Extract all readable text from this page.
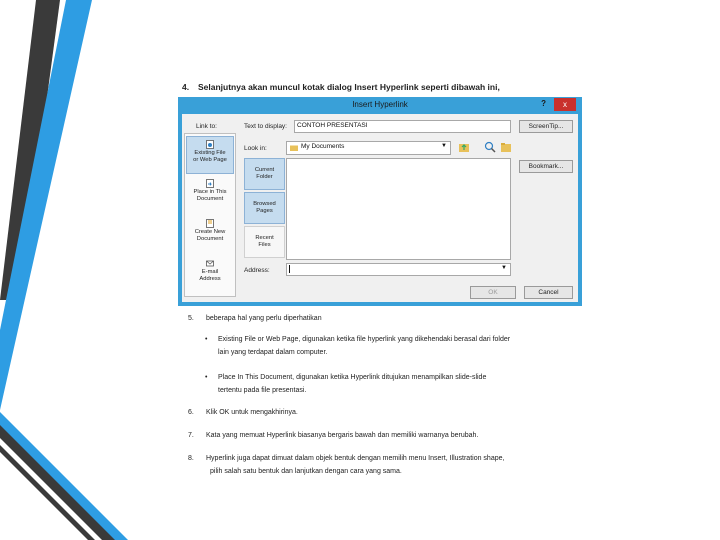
4. Selanjutnya akan muncul kotak dialog Insert Hyperlink seperti dibawah ini,
Insert Hyperlink	?	x
Link to:	Text to display:	CONTOH PRESENTASI	ScreenTip...
Existing File
or Web Page
Place in This
Document
Create New
Document
E-mail
Address
Look in:	My Documents	▼
Bookmark...
Current
Folder
Browsed
Pages
Recent
Files
Address:	▼
OK	Cancel
5. beberapa hal yang perlu diperhatikan
• Existing File or Web Page, digunakan ketika file hyperlink yang dikehendaki berasal dari folder
lain yang terdapat dalam computer.
• Place In This Document, digunakan ketika Hyperlink ditujukan menampilkan slide-slide
tertentu pada file presentasi.
6. Klik OK untuk mengakhirinya.
7. Kata yang memuat Hyperlink biasanya bergaris bawah dan memiliki warnanya berubah.
8. Hyperlink juga dapat dimuat dalam objek bentuk dengan memilih menu Insert, Illustration shape,
pilih salah satu bentuk dan lanjutkan dengan cara yang sama.
